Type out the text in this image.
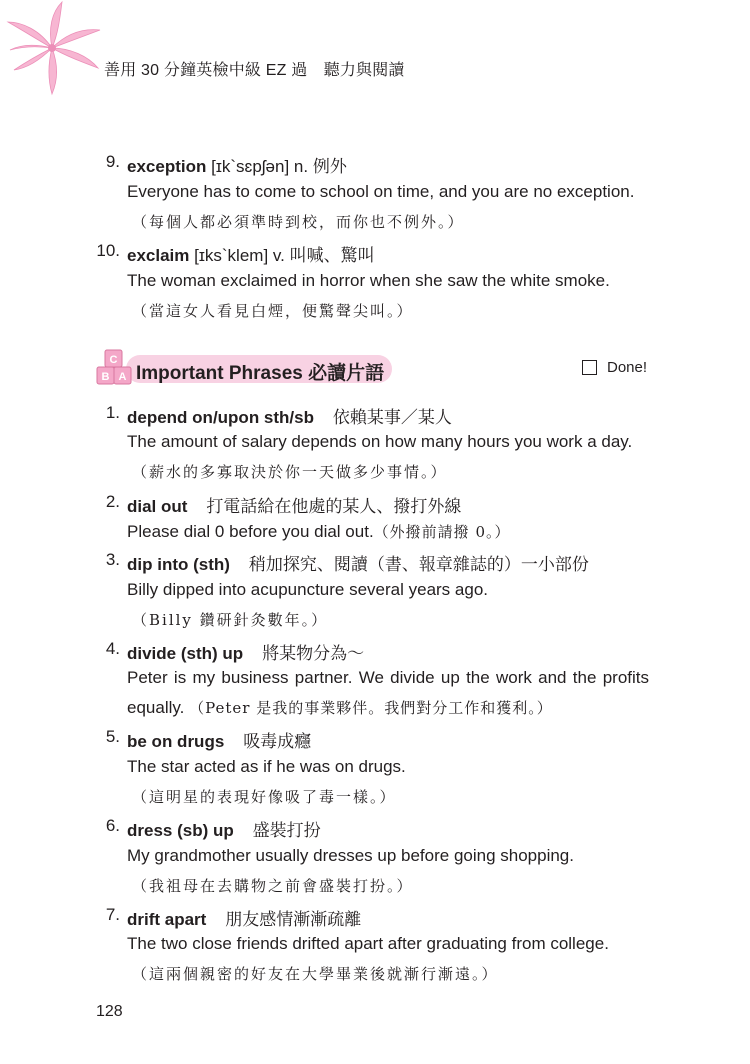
善用 30 分鐘英檢中級 EZ 過　聽力與閱讀
9. exception [ɪk`sɛpʃən] n. 例外
Everyone has to come to school on time, and you are no exception.
（每個人都必須準時到校，而你也不例外。）
10. exclaim [ɪks`klem] v. 叫喊、驚叫
The woman exclaimed in horror when she saw the white smoke.
（當這女人看見白煙，便驚聲尖叫。）
C
B A Important Phrases 必讀片語	Done!
1. depend on/upon sth/sb 依賴某事／某人
The amount of salary depends on how many hours you work a day.
（薪水的多寡取決於你一天做多少事情。）
2. dial out 打電話給在他處的某人、撥打外線
Please dial 0 before you dial out.（外撥前請撥 0。）
3. dip into (sth) 稍加探究、閱讀（書、報章雜誌的）一小部份
Billy dipped into acupuncture several years ago.
（Billy 鑽研針灸數年。）
4. divide (sth) up 將某物分為～
Peter is my business partner. We divide up the work and the profits
equally. （Peter 是我的事業夥伴。我們對分工作和獲利。）
5. be on drugs 吸毒成癮
The star acted as if he was on drugs.
（這明星的表現好像吸了毒一樣。）
6. dress (sb) up 盛裝打扮
My grandmother usually dresses up before going shopping.
（我祖母在去購物之前會盛裝打扮。）
7. drift apart 朋友感情漸漸疏離
The two close friends drifted apart after graduating from college.
（這兩個親密的好友在大學畢業後就漸行漸遠。）
128
